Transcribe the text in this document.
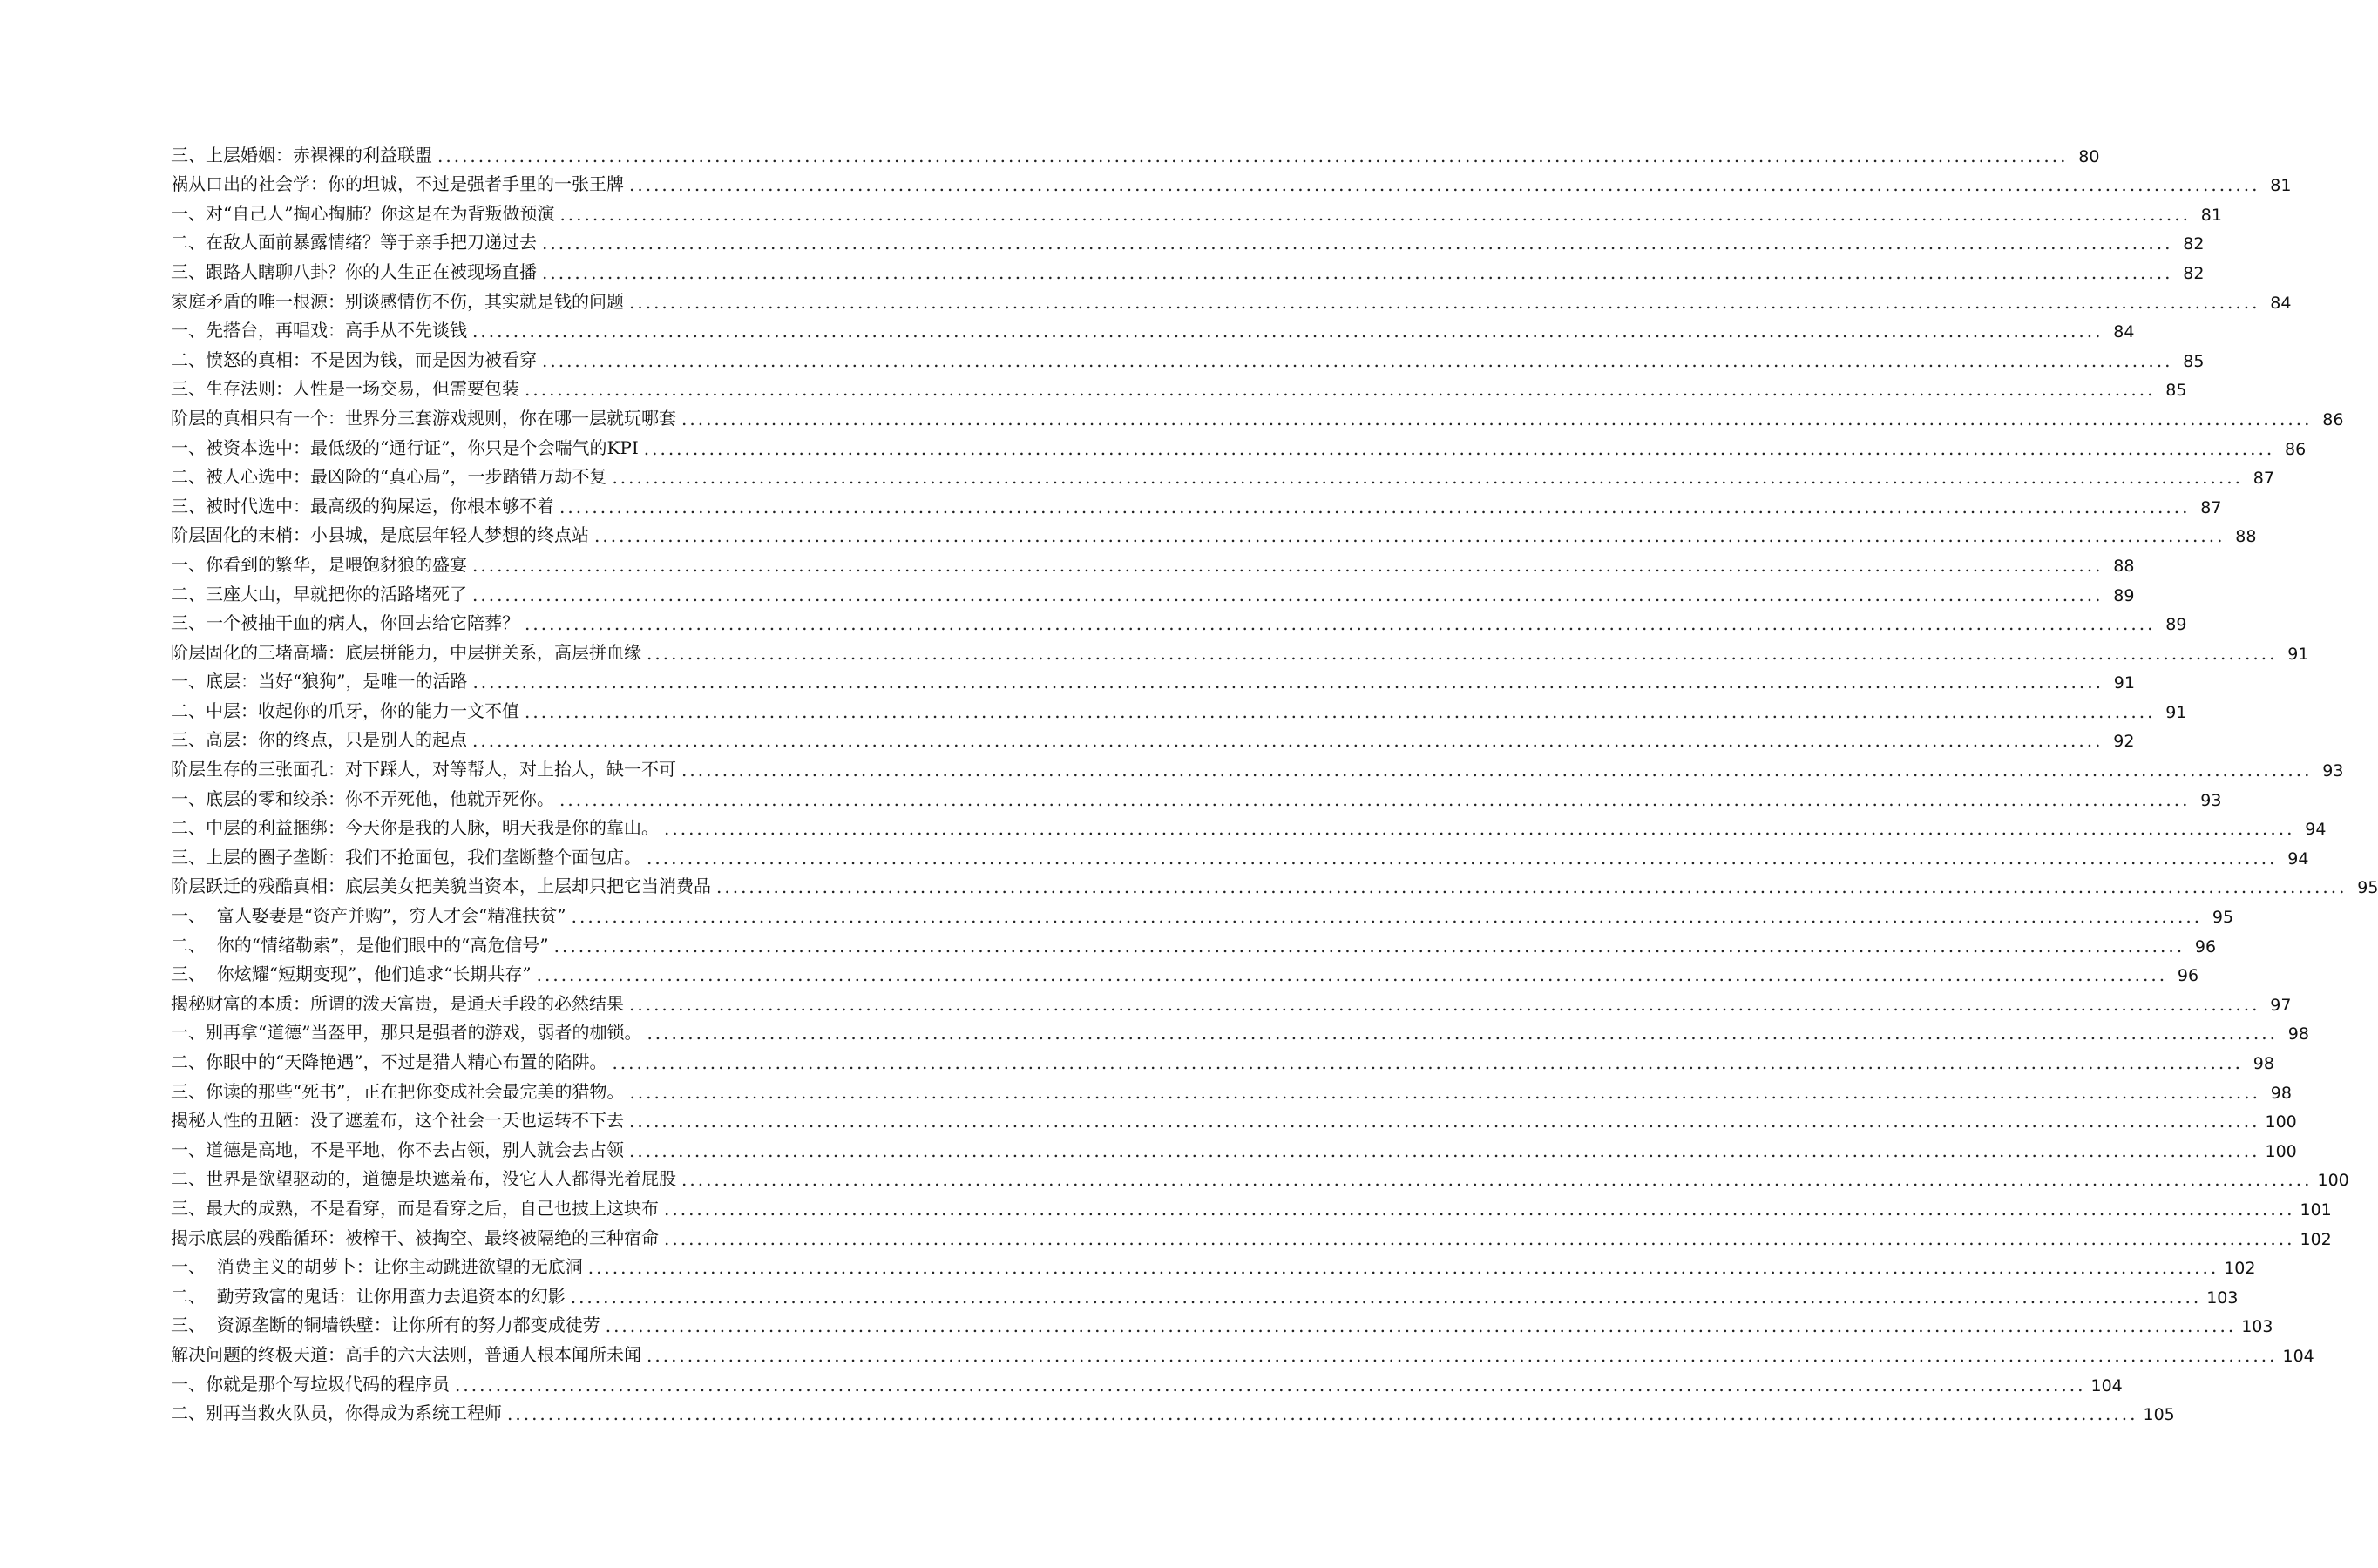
三、上层婚姻：赤裸裸的利益联盟 ........................................................................................................................................................................................................ 80
祸从口出的社会学：你的坦诚，不过是强者手里的一张王牌 ........................................................................................................................................................................................................ 81
一、对“自己人”掏心掏肺？你这是在为背叛做预演 ........................................................................................................................................................................................................ 81
二、在敌人面前暴露情绪？等于亲手把刀递过去 ........................................................................................................................................................................................................ 82
三、跟路人瞎聊八卦？你的人生正在被现场直播 ........................................................................................................................................................................................................ 82
家庭矛盾的唯一根源：别谈感情伤不伤，其实就是钱的问题 ........................................................................................................................................................................................................ 84
一、先搭台，再唱戏：高手从不先谈钱 ........................................................................................................................................................................................................ 84
二、愤怒的真相：不是因为钱，而是因为被看穿 ........................................................................................................................................................................................................ 85
三、生存法则：人性是一场交易，但需要包装 ........................................................................................................................................................................................................ 85
阶层的真相只有一个：世界分三套游戏规则，你在哪一层就玩哪套 ........................................................................................................................................................................................................ 86
一、被资本选中：最低级的“通行证”，你只是个会喘气的KPI ........................................................................................................................................................................................................ 86
二、被人心选中：最凶险的“真心局”，一步踏错万劫不复 ........................................................................................................................................................................................................ 87
三、被时代选中：最高级的狗屎运，你根本够不着 ........................................................................................................................................................................................................ 87
阶层固化的末梢：小县城，是底层年轻人梦想的终点站 ........................................................................................................................................................................................................ 88
一、你看到的繁华，是喂饱豺狼的盛宴 ........................................................................................................................................................................................................ 88
二、三座大山，早就把你的活路堵死了 ........................................................................................................................................................................................................ 89
三、一个被抽干血的病人，你回去给它陪葬？ ........................................................................................................................................................................................................ 89
阶层固化的三堵高墙：底层拼能力，中层拼关系，高层拼血缘 ........................................................................................................................................................................................................ 91
一、底层：当好“狼狗”，是唯一的活路 ........................................................................................................................................................................................................ 91
二、中层：收起你的爪牙，你的能力一文不值 ........................................................................................................................................................................................................ 91
三、高层：你的终点，只是别人的起点 ........................................................................................................................................................................................................ 92
阶层生存的三张面孔：对下踩人，对等帮人，对上抬人，缺一不可 ........................................................................................................................................................................................................ 93
一、底层的零和绞杀：你不弄死他，他就弄死你。 ........................................................................................................................................................................................................ 93
二、中层的利益捆绑：今天你是我的人脉，明天我是你的靠山。 ........................................................................................................................................................................................................ 94
三、上层的圈子垄断：我们不抢面包，我们垄断整个面包店。 ........................................................................................................................................................................................................ 94
阶层跃迁的残酷真相：底层美女把美貌当资本，上层却只把它当消费品 ........................................................................................................................................................................................................ 95
一、  富人娶妻是“资产并购”，穷人才会“精准扶贫” ........................................................................................................................................................................................................ 95
二、  你的“情绪勒索”，是他们眼中的“高危信号” ........................................................................................................................................................................................................ 96
三、  你炫耀“短期变现”，他们追求“长期共存” ........................................................................................................................................................................................................ 96
揭秘财富的本质：所谓的泼天富贵，是通天手段的必然结果 ........................................................................................................................................................................................................ 97
一、别再拿“道德”当盔甲，那只是强者的游戏，弱者的枷锁。 ........................................................................................................................................................................................................ 98
二、你眼中的“天降艳遇”，不过是猎人精心布置的陷阱。 ........................................................................................................................................................................................................ 98
三、你读的那些“死书”，正在把你变成社会最完美的猎物。 ........................................................................................................................................................................................................ 98
揭秘人性的丑陋：没了遮羞布，这个社会一天也运转不下去 ........................................................................................................................................................................................................ 100
一、道德是高地，不是平地，你不去占领，别人就会去占领 ........................................................................................................................................................................................................ 100
二、世界是欲望驱动的，道德是块遮羞布，没它人人都得光着屁股 ........................................................................................................................................................................................................ 100
三、最大的成熟，不是看穿，而是看穿之后，自己也披上这块布 ........................................................................................................................................................................................................ 101
揭示底层的残酷循环：被榨干、被掏空、最终被隔绝的三种宿命 ........................................................................................................................................................................................................ 102
一、  消费主义的胡萝卜：让你主动跳进欲望的无底洞 ........................................................................................................................................................................................................ 102
二、  勤劳致富的鬼话：让你用蛮力去追资本的幻影 ........................................................................................................................................................................................................ 103
三、  资源垄断的铜墙铁壁：让你所有的努力都变成徒劳 ........................................................................................................................................................................................................ 103
解决问题的终极天道：高手的六大法则，普通人根本闻所未闻 ........................................................................................................................................................................................................ 104
一、你就是那个写垃圾代码的程序员 ........................................................................................................................................................................................................ 104
二、别再当救火队员，你得成为系统工程师 ........................................................................................................................................................................................................ 105
